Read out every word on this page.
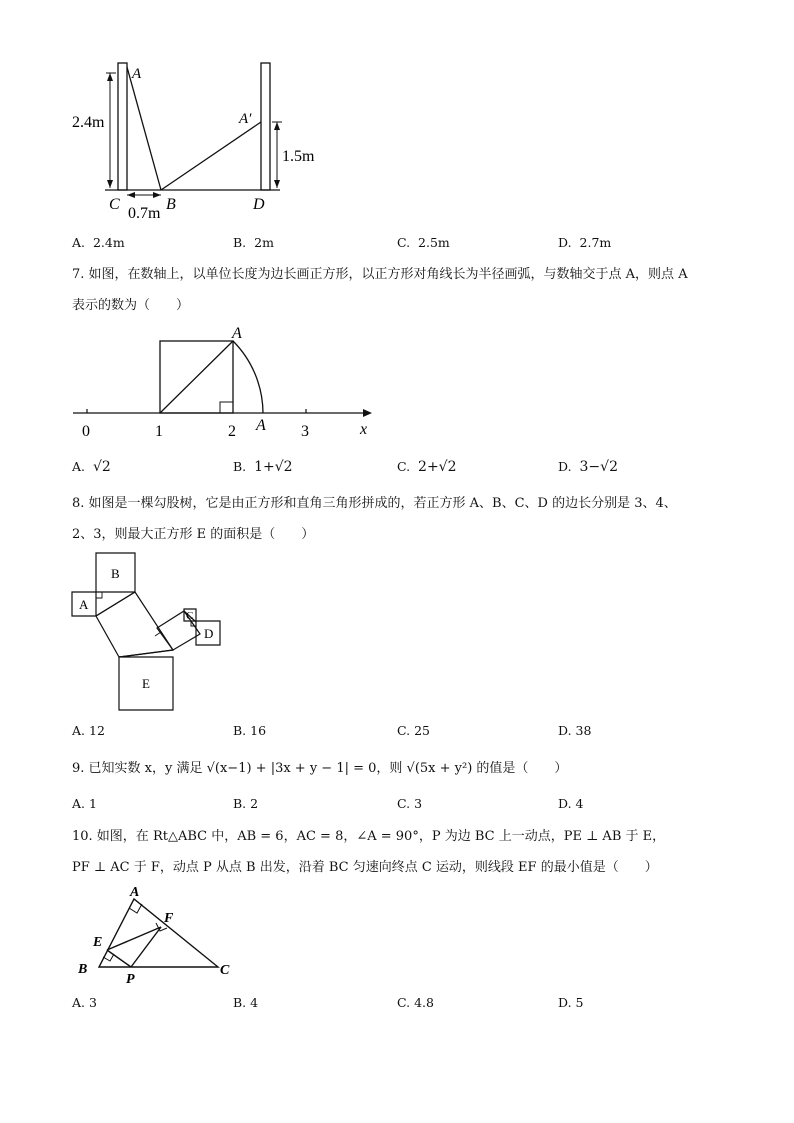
A
A′
C	B	D
2.4m
0.7m
1.5m
A. 2.4m	B. 2m	C. 2.5m	D. 2.7m
7. 如图，在数轴上，以单位长度为边长画正方形，以正方形对角线长为半径画弧，与数轴交于点 A，则点 A
表示的数为（　　）
A
A
0	1	2	3	x
A. √2	B. 1+√2	C. 2+√2	D. 3−√2
8. 如图是一棵勾股树，它是由正方形和直角三角形拼成的，若正方形 A、B、C、D 的边长分别是 3、4、
2、3，则最大正方形 E 的面积是（　　）
B
A
C
D
E
A. 12	B. 16	C. 25	D. 38
9. 已知实数 x，y 满足 √(x−1) + |3x + y − 1| = 0，则 √(5x + y²) 的值是（　　）
A. 1	B. 2	C. 3	D. 4
10. 如图，在 Rt△ABC 中，AB = 6，AC = 8，∠A = 90°，P 为边 BC 上一动点，PE ⊥ AB 于 E，
PF ⊥ AC 于 F，动点 P 从点 B 出发，沿着 BC 匀速向终点 C 运动，则线段 EF 的最小值是（　　）
A
F
E
B
P
C
A. 3	B. 4	C. 4.8	D. 5
